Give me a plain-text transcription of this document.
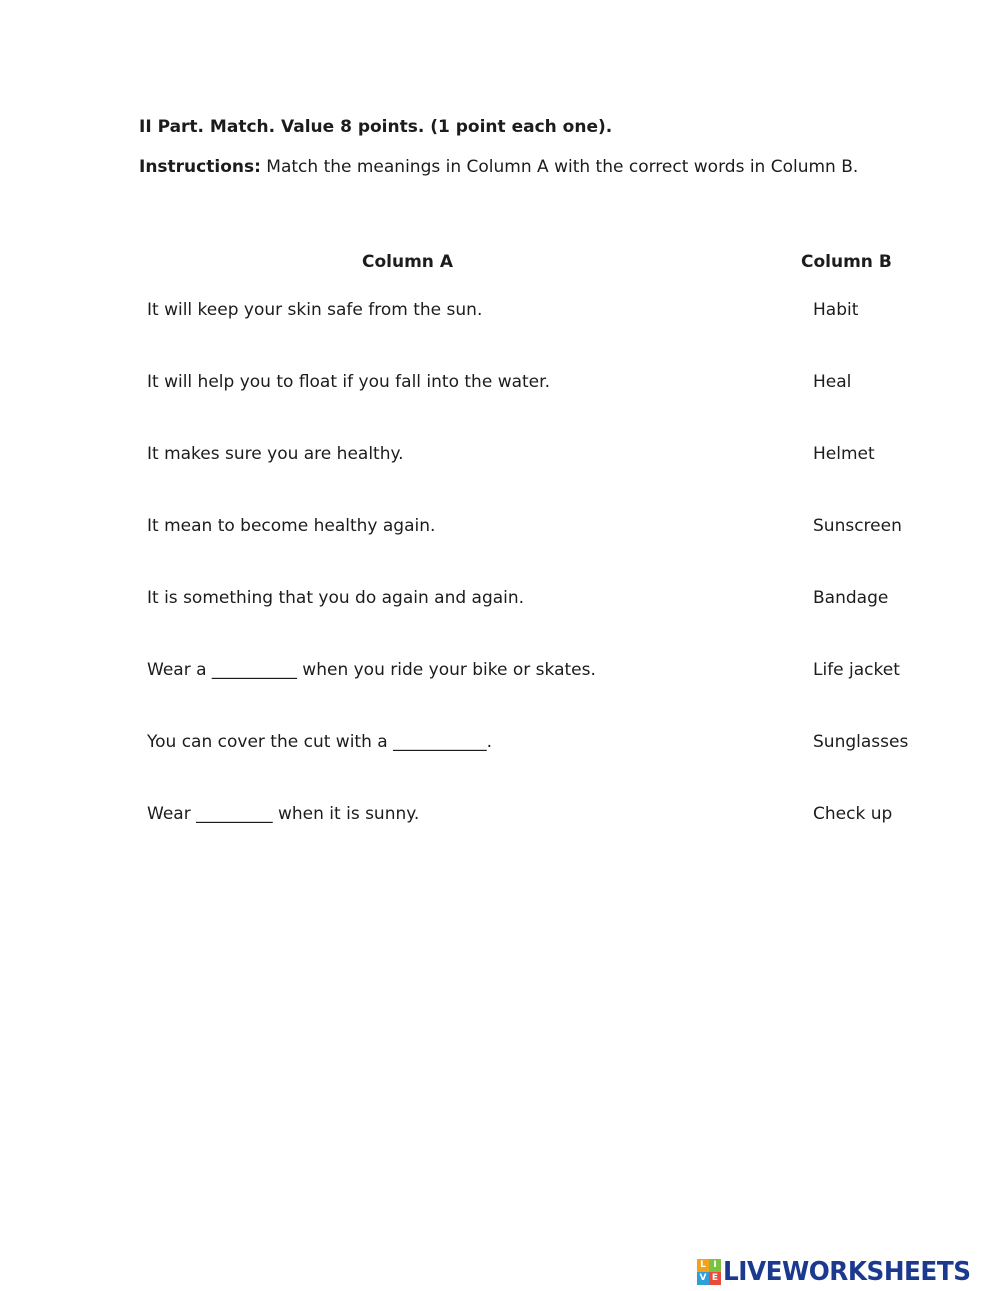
II Part. Match. Value 8 points. (1 point each one).
Instructions: Match the meanings in Column A with the correct words in Column B.
Column A	Column B
It will keep your skin safe from the sun.
It will help you to float if you fall into the water.
It makes sure you are healthy.
It mean to become healthy again.
It is something that you do again and again.
Wear a __________ when you ride your bike or skates.
You can cover the cut with a ___________.
Wear _________ when it is sunny.
Habit
Heal
Helmet
Sunscreen
Bandage
Life jacket
Sunglasses
Check up
L I
V E LIVEWORKSHEETS
